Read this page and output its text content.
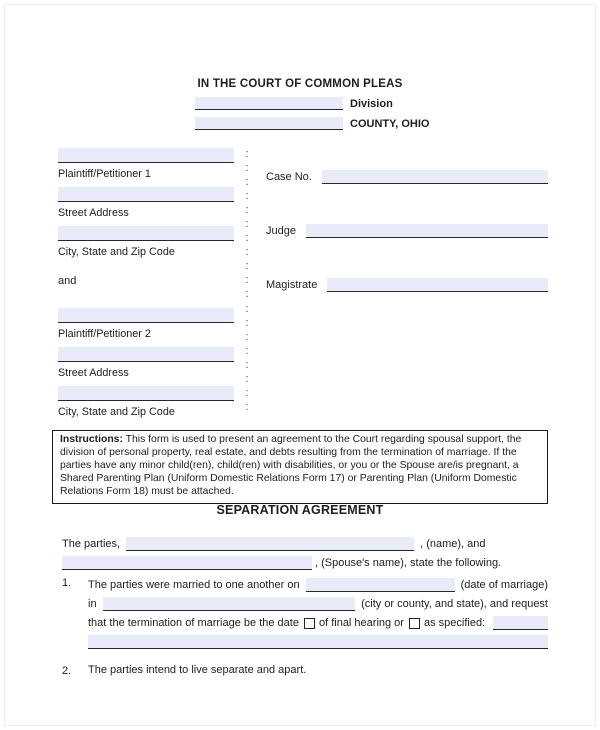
IN THE COURT OF COMMON PLEAS
Division
COUNTY, OHIO
Plaintiff/Petitioner 1
Street Address
City, State and Zip Code
and
Plaintiff/Petitioner 2
Street Address
City, State and Zip Code
:
:
:
:
:
:
:
:
:
:
:
:
:
:
:
:
:
:
:
Case No.
Judge
Magistrate

Instructions: This form is used to present an agreement to the Court regarding spousal support, the division of personal property, real estate, and debts resulting from the termination of marriage. If the parties have any minor child(ren), child(ren) with disabilities, or you or the Spouse are/is pregnant, a Shared Parenting Plan (Uniform Domestic Relations Form 17) or Parenting Plan (Uniform Domestic Relations Form 18) must be attached.

SEPARATION AGREEMENT
The parties,	, (name), and
, (Spouse's name), state the following.
1.	The parties were married to one another on	(date of marriage)
in	(city or county, and state), and request
that the termination of marriage be the date of final hearing or as specified:
2.	The parties intend to live separate and apart.
